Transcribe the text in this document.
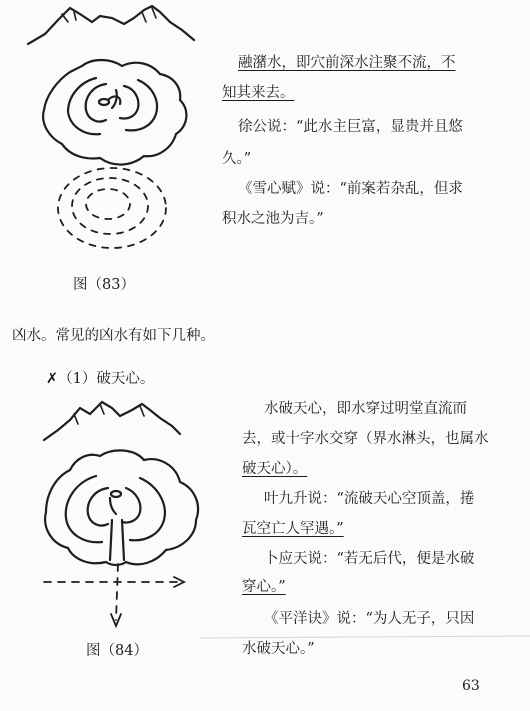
图（83）
融潴水，即穴前深水注聚不流，不
知其来去。
徐公说：“此水主巨富，显贵并且悠
久。”
《雪心赋》说：“前案若杂乱，但求
积水之池为吉。”
凶水。常见的凶水有如下几种。
✗（1）破天心。
图（84）
水破天心，即水穿过明堂直流而
去，或十字水交穿（界水淋头，也属水
破天心）。
叶九升说：“流破天心空顶盖，捲
瓦空亡人罕遇。”
卜应天说：“若无后代，便是水破
穿心。”
《平洋诀》说：“为人无子，只因
水破天心。”
63
